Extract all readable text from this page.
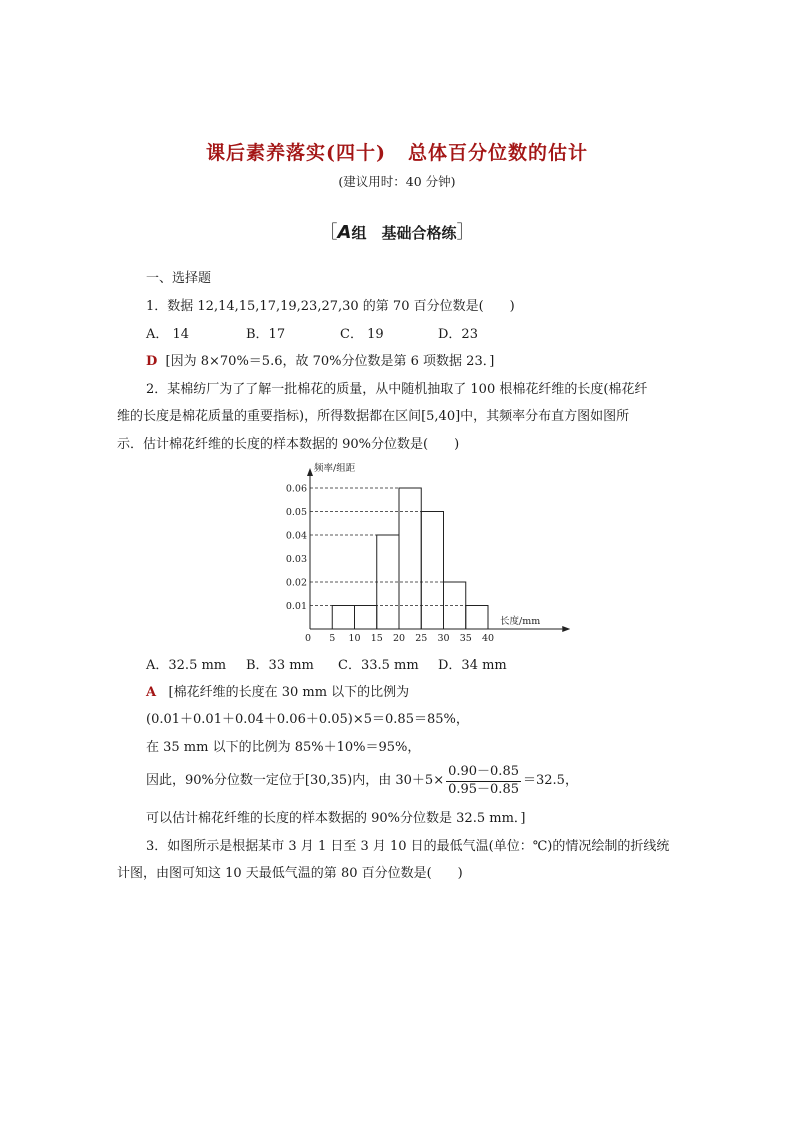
课后素养落实(四十) 总体百分位数的估计
(建议用时：40 分钟)
［A组　基础合格练］
一、选择题
1．数据 12,14,15,17,19,23,27,30 的第 70 百分位数是(　　)
A． 14	B．17	C． 19	D．23
D [因为 8×70%＝5.6，故 70%分位数是第 6 项数据 23．]
2．某棉纺厂为了了解一批棉花的质量，从中随机抽取了 100 根棉花纤维的长度(棉花纤
维的长度是棉花质量的重要指标)，所得数据都在区间[5,40]中，其频率分布直方图如图所
示．估计棉花纤维的长度的样本数据的 90%分位数是(　　)
0.01
0.02
0.03
0.04
0.05
0.06
5 10 15 20 25 30 35 40
0
频率/组距
长度/mm
A．32.5 mm B．33 mm C．33.5 mm D．34 mm
A [棉花纤维的长度在 30 mm 以下的比例为
(0.01＋0.01＋0.04＋0.06＋0.05)×5＝0.85＝85%，
在 35 mm 以下的比例为 85%＋10%＝95%，
因此，90%分位数一定位于[30,35)内，由 $30+5\times \frac{0.90-0.85}{0.95-0.85} =32.5$，
可以估计棉花纤维的长度的样本数据的 90%分位数是 32.5 mm．]
3．如图所示是根据某市 3 月 1 日至 3 月 10 日的最低气温(单位：℃)的情况绘制的折线统
计图，由图可知这 10 天最低气温的第 80 百分位数是(　　)
